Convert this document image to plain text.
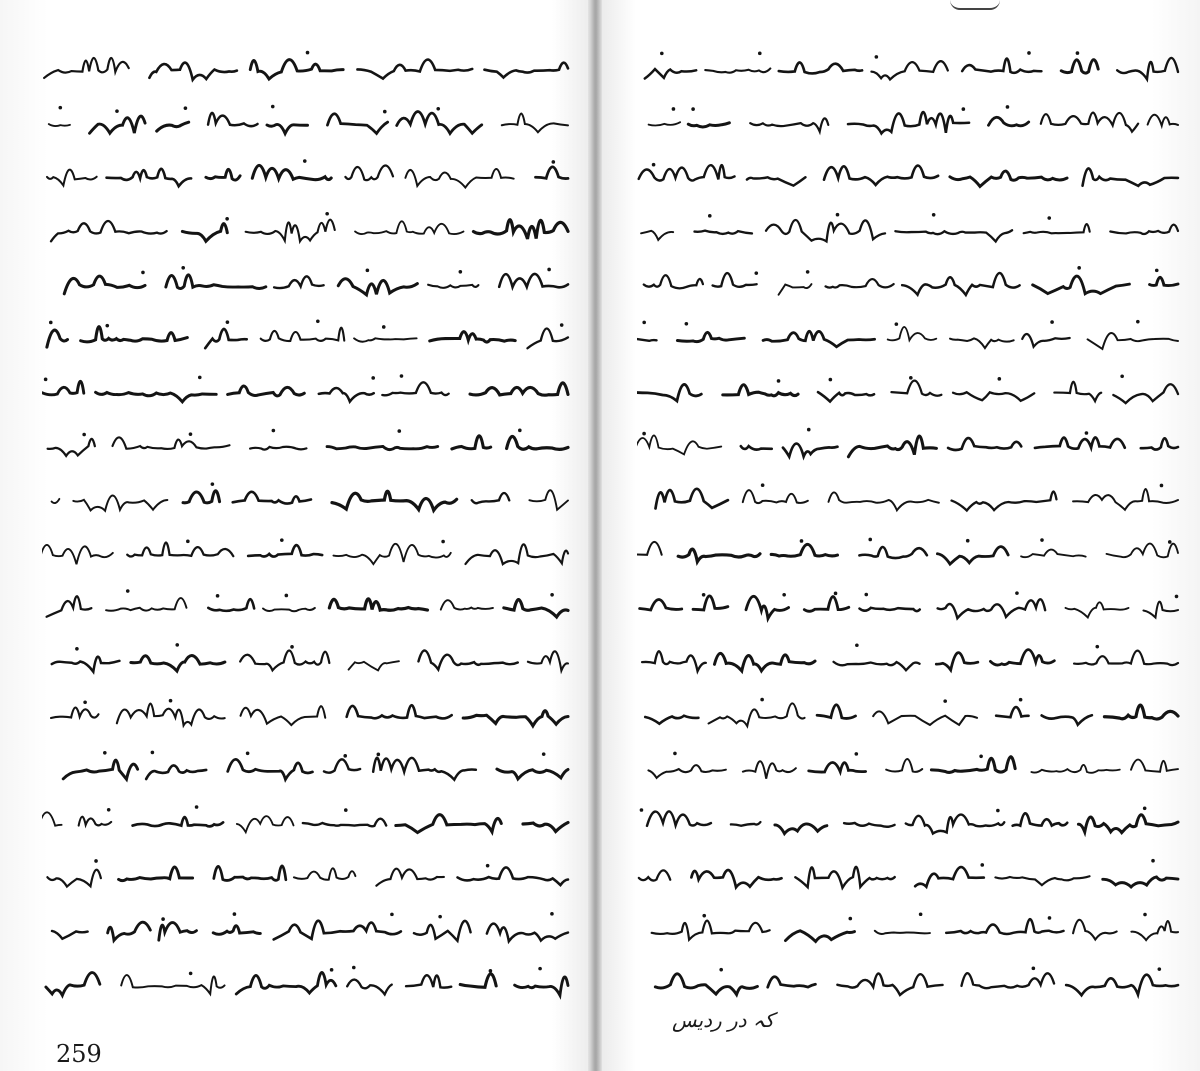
259
کہ در ردیس
